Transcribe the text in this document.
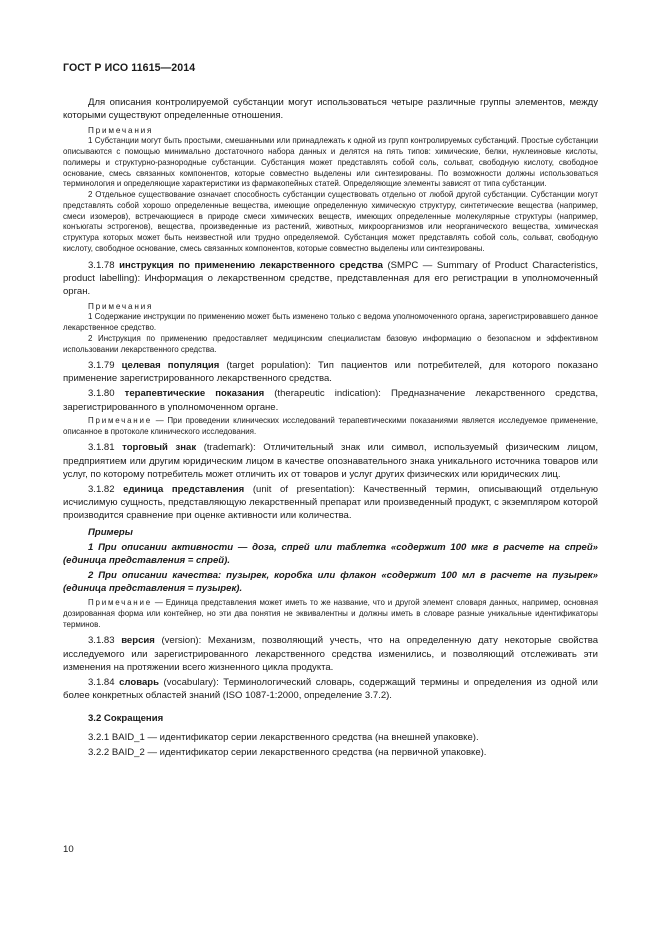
ГОСТ Р ИСО 11615—2014

Для описания контролируемой субстанции могут использоваться четыре различные группы элементов, между которыми существуют определенные отношения.

Примечания

1 Субстанции могут быть простыми, смешанными или принадлежать к одной из групп контролируемых субстанций. Простые субстанции описываются с помощью минимально достаточного набора данных и делятся на пять типов: химические, белки, нуклеиновые кислоты, полимеры и структурно-разнородные субстанции. Субстанция может представлять собой соль, сольват, свободную кислоту, свободное основание, смесь связанных компонентов, которые совместно выделены или синтезированы. По возможности должны использоваться терминология и определяющие характеристики из фармакопейных статей. Определяющие элементы зависят от типа субстанции.

2 Отдельное существование означает способность субстанции существовать отдельно от любой другой субстанции. Субстанции могут представлять собой хорошо определенные вещества, имеющие определенную химическую структуру, синтетические вещества (например, смеси изомеров), встречающиеся в природе смеси химических веществ, имеющих определенные молекулярные структуры (например, конъюгаты эстрогенов), вещества, произведенные из растений, животных, микроорганизмов или неорганического вещества, химическая структура которых может быть неизвестной или трудно определяемой. Субстанция может представлять собой соль, сольват, свободную кислоту, свободное основание, смесь связанных компонентов, которые совместно выделены или синтезированы.

3.1.78 инструкция по применению лекарственного средства (SMPC — Summary of Product Characteristics, product labelling): Информация о лекарственном средстве, представленная для его регистрации в уполномоченный орган.

Примечания

1 Содержание инструкции по применению может быть изменено только с ведома уполномоченного органа, зарегистрировавшего данное лекарственное средство.

2 Инструкция по применению предоставляет медицинским специалистам базовую информацию о безопасном и эффективном использовании лекарственного средства.

3.1.79 целевая популяция (target population): Тип пациентов или потребителей, для которого показано применение зарегистрированного лекарственного средства.

3.1.80 терапевтические показания (therapeutic indication): Предназначение лекарственного средства, зарегистрированного в уполномоченном органе.

Примечание — При проведении клинических исследований терапевтическими показаниями является исследуемое применение, описанное в протоколе клинического исследования.

3.1.81 торговый знак (trademark): Отличительный знак или символ, используемый физическим лицом, предприятием или другим юридическим лицом в качестве опознавательного знака уникального источника товаров или услуг, по которому потребитель может отличить их от товаров и услуг других физических или юридических лиц.

3.1.82 единица представления (unit of presentation): Качественный термин, описывающий отдельную исчислимую сущность, представляющую лекарственный препарат или произведенный продукт, с экземпляром которой производится сравнение при оценке активности или количества.

Примеры

1 При описании активности — доза, спрей или таблетка «содержит 100 мкг в расчете на спрей» (единица представления = спрей).

2 При описании качества: пузырек, коробка или флакон «содержит 100 мл в расчете на пузырек» (единица представления = пузырек).

Примечание — Единица представления может иметь то же название, что и другой элемент словаря данных, например, основная дозированная форма или контейнер, но эти два понятия не эквивалентны и должны иметь в словаре разные уникальные идентификаторы терминов.

3.1.83 версия (version): Механизм, позволяющий учесть, что на определенную дату некоторые свойства исследуемого или зарегистрированного лекарственного средства изменились, и позволяющий отслеживать эти изменения на протяжении всего жизненного цикла продукта.

3.1.84 словарь (vocabulary): Терминологический словарь, содержащий термины и определения из одной или более конкретных областей знаний (ISO 1087-1:2000, определение 3.7.2).

3.2 Сокращения

3.2.1 BAID_1 — идентификатор серии лекарственного средства (на внешней упаковке).

3.2.2 BAID_2 — идентификатор серии лекарственного средства (на первичной упаковке).

10
